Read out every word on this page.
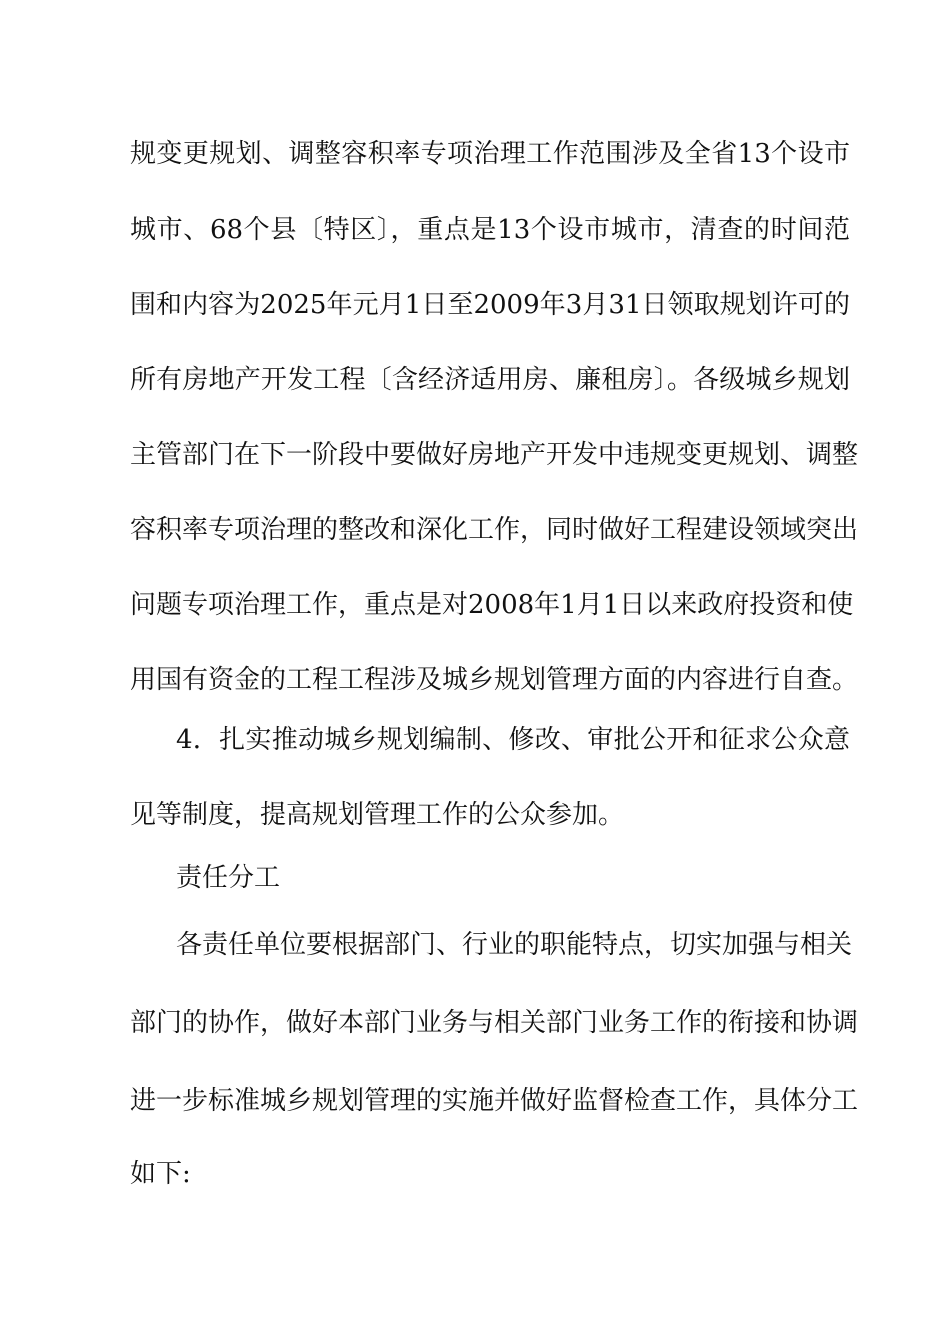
规变更规划、调整容积率专项治理工作范围涉及全省13个设市
城市、68个县〔特区〕，重点是13个设市城市，清查的时间范
围和内容为2025年元月1日至2009年3月31日领取规划许可的
所有房地产开发工程〔含经济适用房、廉租房〕。各级城乡规划
主管部门在下一阶段中要做好房地产开发中违规变更规划、调整
容积率专项治理的整改和深化工作，同时做好工程建设领域突出
问题专项治理工作，重点是对2008年1月1日以来政府投资和使
用国有资金的工程工程涉及城乡规划管理方面的内容进行自查。
4．扎实推动城乡规划编制、修改、审批公开和征求公众意
见等制度，提高规划管理工作的公众参加。
责任分工
各责任单位要根据部门、行业的职能特点，切实加强与相关
部门的协作，做好本部门业务与相关部门业务工作的衔接和协调
进一步标准城乡规划管理的实施并做好监督检查工作，具体分工
如下:
